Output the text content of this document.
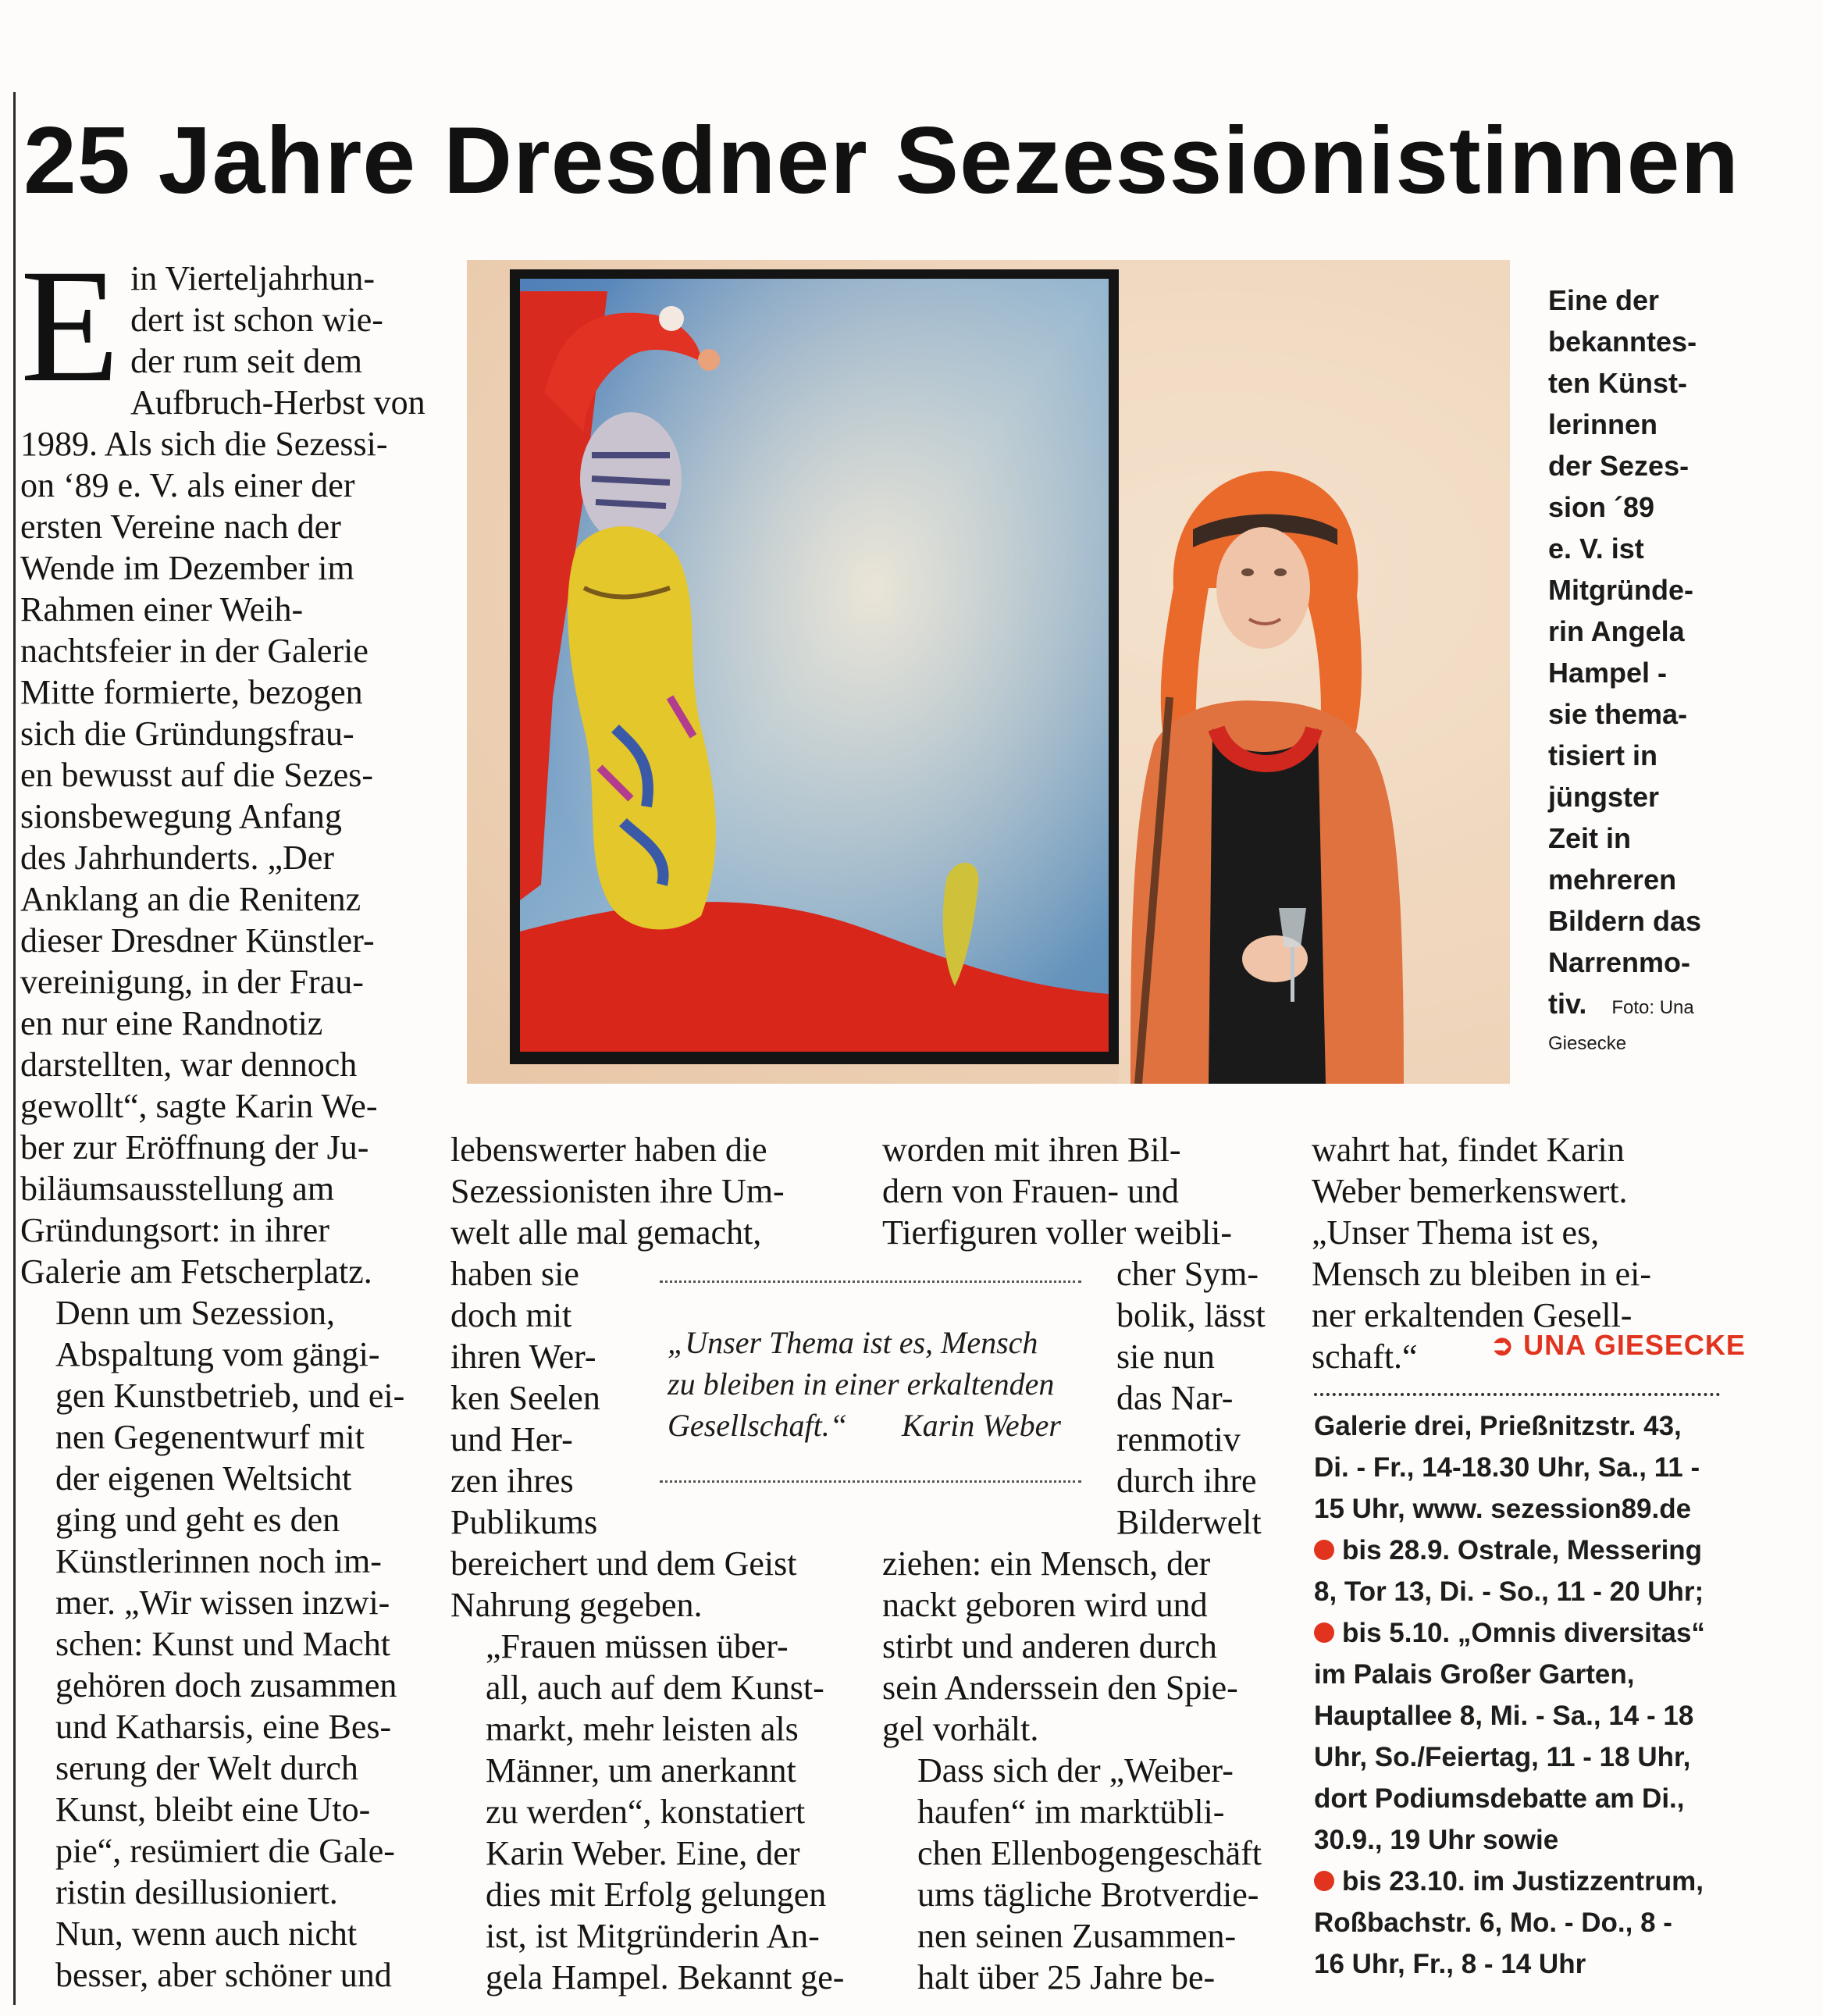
25 Jahre Dresdner Sezessionistinnen
E in Vierteljahrhun-
dert ist schon wie-
der rum seit dem
Aufbruch-Herbst von
1989. Als sich die Sezessi-
on ‘89 e. V. als einer der
ersten Vereine nach der
Wende im Dezember im
Rahmen einer Weih-
nachtsfeier in der Galerie
Mitte formierte, bezogen
sich die Gründungsfrau-
en bewusst auf die Sezes-
sionsbewegung Anfang
des Jahrhunderts. „Der
Anklang an die Renitenz
dieser Dresdner Künstler-
vereinigung, in der Frau-
en nur eine Randnotiz
darstellten, war dennoch
gewollt“, sagte Karin We-
ber zur Eröffnung der Ju-
biläumsausstellung am
Gründungsort: in ihrer
Galerie am Fetscherplatz.
Denn um Sezession,
Abspaltung vom gängi-
gen Kunstbetrieb, und ei-
nen Gegenentwurf mit
der eigenen Weltsicht
ging und geht es den
Künstlerinnen noch im-
mer. „Wir wissen inzwi-
schen: Kunst und Macht
gehören doch zusammen
und Katharsis, eine Bes-
serung der Welt durch
Kunst, bleibt eine Uto-
pie“, resümiert die Gale-
ristin desillusioniert.
Nun, wenn auch nicht
besser, aber schöner und
Eine der
bekanntes-
ten Künst-
lerinnen
der Sezes-
sion ´89
e. V. ist
Mitgründe-
rin Angela
Hampel -
sie thema-
tisiert in
jüngster
Zeit in
mehreren
Bildern das
Narrenmo-
tiv. Foto: Una
Giesecke
lebenswerter haben die
Sezessionisten ihre Um-
welt alle mal gemacht,
haben sie
doch mit
ihren Wer-
ken Seelen
und Her-
zen ihres
Publikums
bereichert und dem Geist
Nahrung gegeben.
„Frauen müssen über-
all, auch auf dem Kunst-
markt, mehr leisten als
Männer, um anerkannt
zu werden“, konstatiert
Karin Weber. Eine, der
dies mit Erfolg gelungen
ist, ist Mitgründerin An-
gela Hampel. Bekannt ge-
„Unser Thema ist es, Mensch
zu bleiben in einer erkaltenden
Gesellschaft.“ Karin Weber
worden mit ihren Bil-
dern von Frauen- und
Tierfiguren voller weibli-
cher Sym-
bolik, lässt
sie nun
das Nar-
renmotiv
durch ihre
Bilderwelt
ziehen: ein Mensch, der
nackt geboren wird und
stirbt und anderen durch
sein Anderssein den Spie-
gel vorhält.
Dass sich der „Weiber-
haufen“ im marktübli-
chen Ellenbogengeschäft
ums tägliche Brotverdie-
nen seinen Zusammen-
halt über 25 Jahre be-
wahrt hat, findet Karin
Weber bemerkenswert.
„Unser Thema ist es,
Mensch zu bleiben in ei-
ner erkaltenden Gesell-
schaft.“	➲ UNA GIESECKE
Galerie drei, Prießnitzstr. 43,
Di. - Fr., 14-18.30 Uhr, Sa., 11 -
15 Uhr, www. sezession89.de
bis 28.9. Ostrale, Messering
8, Tor 13, Di. - So., 11 - 20 Uhr;
bis 5.10. „Omnis diversitas“
im Palais Großer Garten,
Hauptallee 8, Mi. - Sa., 14 - 18
Uhr, So./Feiertag, 11 - 18 Uhr,
dort Podiumsdebatte am Di.,
30.9., 19 Uhr sowie
bis 23.10. im Justizzentrum,
Roßbachstr. 6, Mo. - Do., 8 -
16 Uhr, Fr., 8 - 14 Uhr
